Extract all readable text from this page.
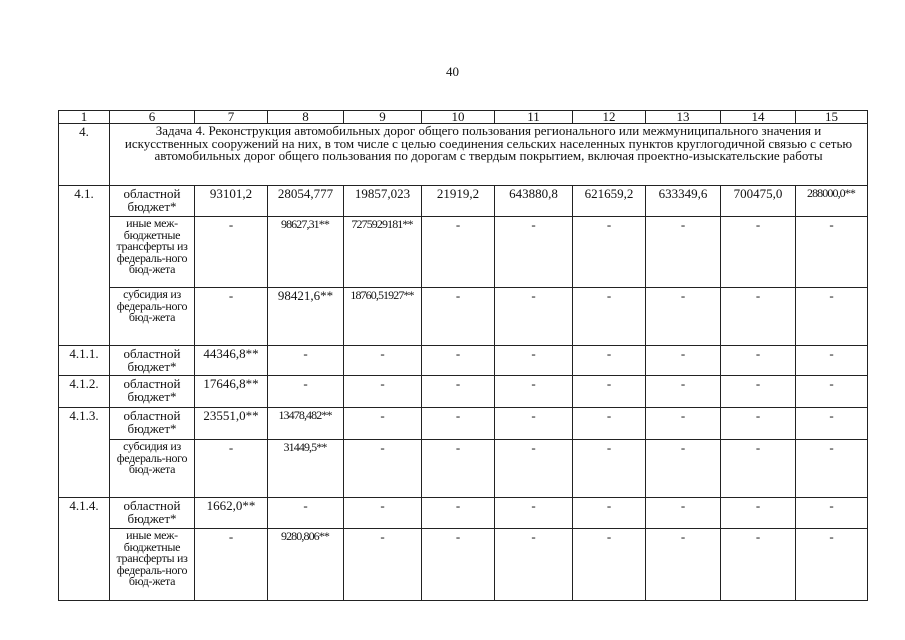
40
1	6	7	8	9	10	11	12	13	14	15
4.	Задача 4. Реконструкция автомобильных дорог общего пользования регионального или межмуниципального значения и искусственных сооружений на них, в том числе с целью соединения сельских населенных пунктов круглогодичной связью с сетью автомобильных дорог общего пользования по дорогам с твердым покрытием, включая проектно-изыскательские работы									
4.1.	областной бюджет*	93101,2	28054,777	19857,023	21919,2	643880,8	621659,2	633349,6	700475,0	288000,0**
	иные меж-бюджетные трансферты из федераль-ного бюд-жета	-	98627,31**	7275929181**	-	-	-	-	-	-
	субсидия из федераль-ного бюд-жета	-	98421,6**	18760,51927**	-	-	-	-	-	-
4.1.1.	областной бюджет*	44346,8**	-	-	-	-	-	-	-	-
4.1.2.	областной бюджет*	17646,8**	-	-	-	-	-	-	-	-
4.1.3.	областной бюджет*	23551,0**	13478,482**	-	-	-	-	-	-	-
	субсидия из федераль-ного бюд-жета	-	31449,5**	-	-	-	-	-	-	-
4.1.4.	областной бюджет*	1662,0**	-	-	-	-	-	-	-	-
	иные меж-бюджетные трансферты из федераль-ного бюд-жета	-	9280,806**	-	-	-	-	-	-	-
